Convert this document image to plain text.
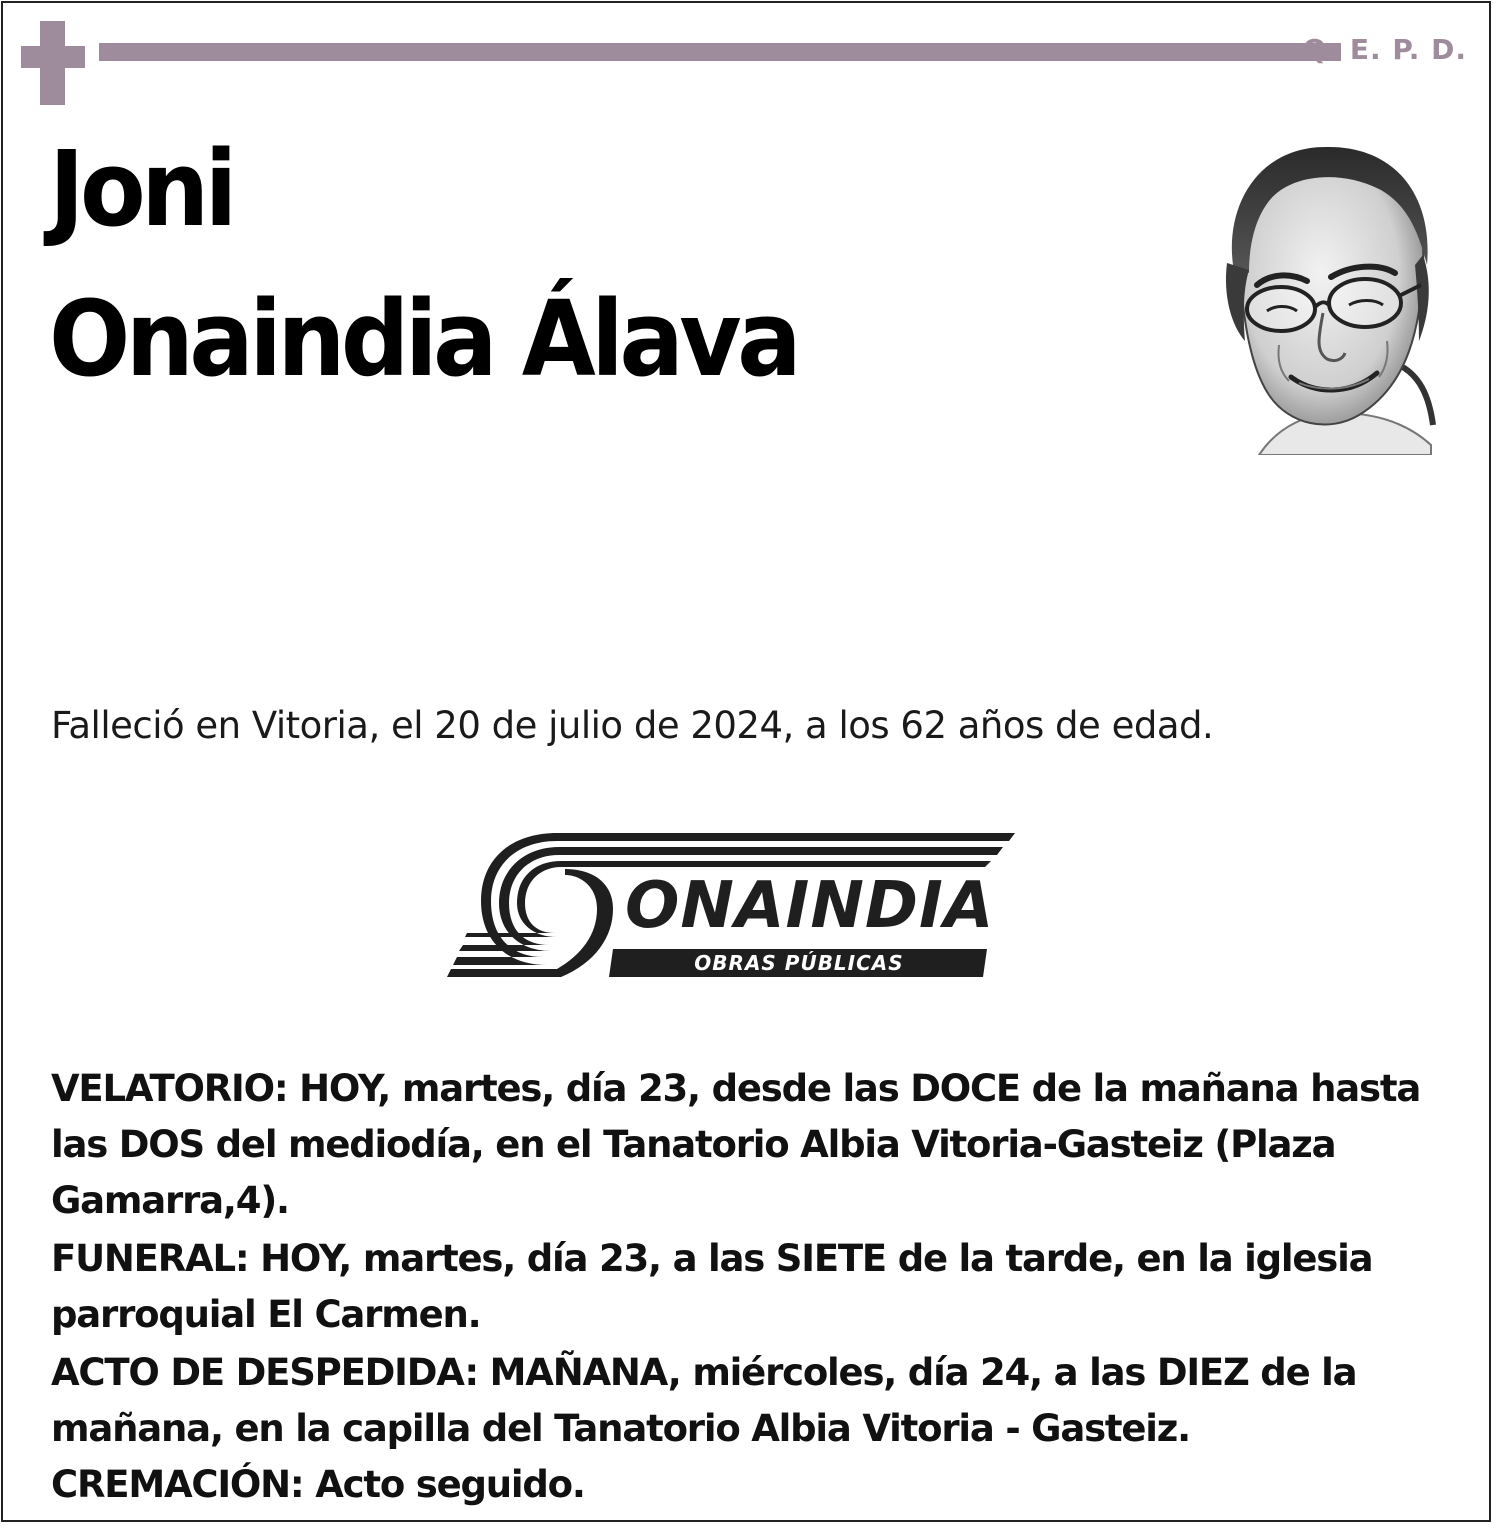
Q. E. P. D.
Joni
Onaindia Álava
Falleció en Vitoria, el 20 de julio de 2024, a los 62 años de edad.
ONAINDIA
OBRAS PÚBLICAS

VELATORIO: HOY, martes, día 23, desde las DOCE de la mañana hasta las DOS del mediodía, en el Tanatorio Albia Vitoria-Gasteiz (Plaza Gamarra,4).

FUNERAL: HOY, martes, día 23, a las SIETE de la tarde, en la iglesia parroquial El Carmen.

ACTO DE DESPEDIDA: MAÑANA, miércoles, día 24, a las DIEZ de la mañana, en la capilla del Tanatorio Albia Vitoria - Gasteiz.

CREMACIÓN: Acto seguido.
